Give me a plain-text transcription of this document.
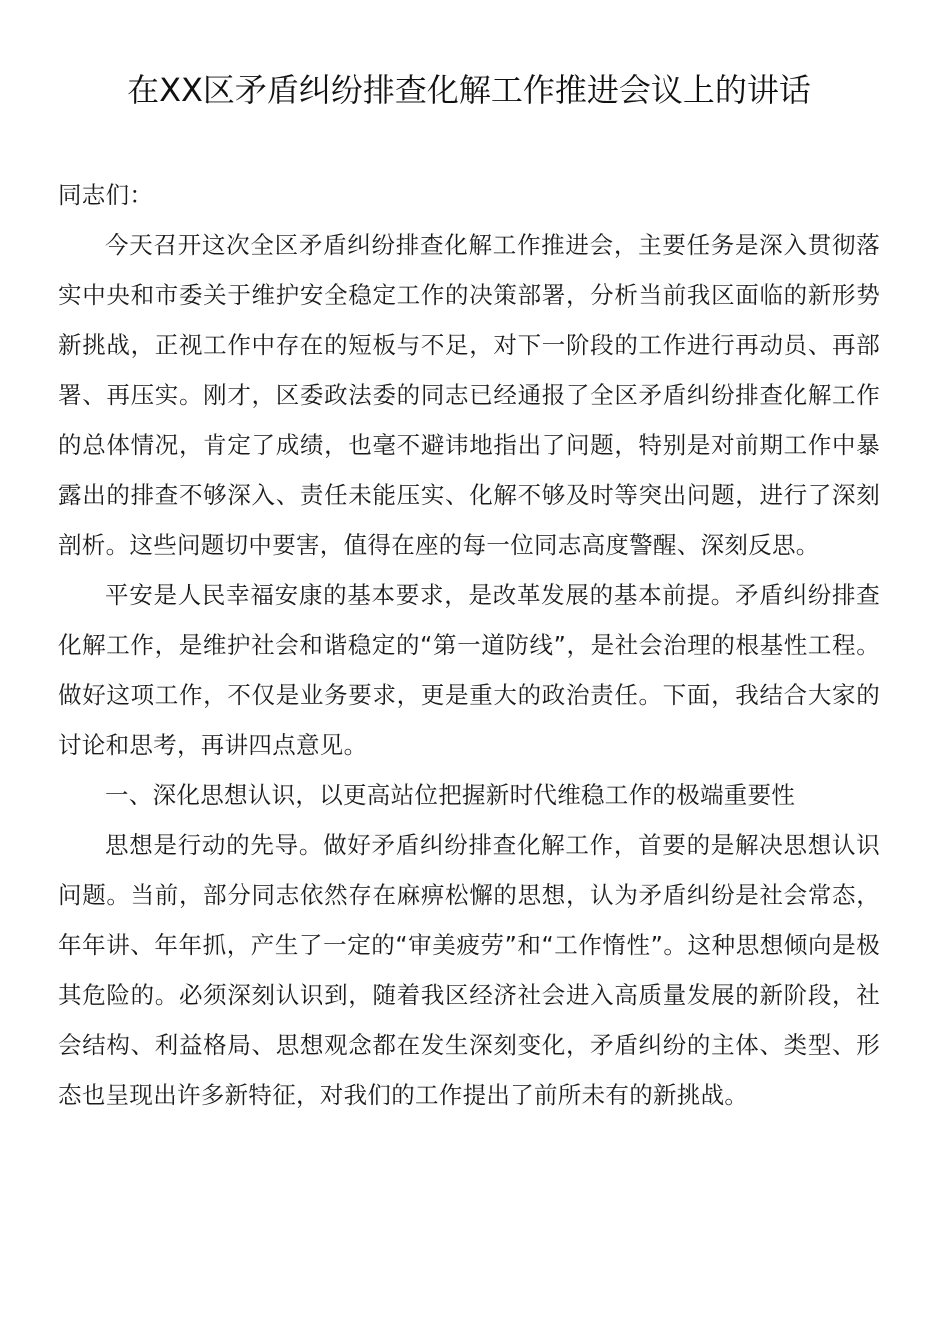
在XX区矛盾纠纷排查化解工作推进会议上的讲话

同志们：

今天召开这次全区矛盾纠纷排查化解工作推进会，主要任务是深入贯彻落实中央和市委关于维护安全稳定工作的决策部署，分析当前我区面临的新形势新挑战，正视工作中存在的短板与不足，对下一阶段的工作进行再动员、再部署、再压实。刚才，区委政法委的同志已经通报了全区矛盾纠纷排查化解工作的总体情况，肯定了成绩，也毫不避讳地指出了问题，特别是对前期工作中暴露出的排查不够深入、责任未能压实、化解不够及时等突出问题，进行了深刻剖析。这些问题切中要害，值得在座的每一位同志高度警醒、深刻反思。

平安是人民幸福安康的基本要求，是改革发展的基本前提。矛盾纠纷排查化解工作，是维护社会和谐稳定的“第一道防线”，是社会治理的根基性工程。做好这项工作，不仅是业务要求，更是重大的政治责任。下面，我结合大家的讨论和思考，再讲四点意见。

一、深化思想认识，以更高站位把握新时代维稳工作的极端重要性

思想是行动的先导。做好矛盾纠纷排查化解工作，首要的是解决思想认识问题。当前，部分同志依然存在麻痹松懈的思想，认为矛盾纠纷是社会常态，年年讲、年年抓，产生了一定的“审美疲劳”和“工作惰性”。这种思想倾向是极其危险的。必须深刻认识到，随着我区经济社会进入高质量发展的新阶段，社会结构、利益格局、思想观念都在发生深刻变化，矛盾纠纷的主体、类型、形态也呈现出许多新特征，对我们的工作提出了前所未有的新挑战。
